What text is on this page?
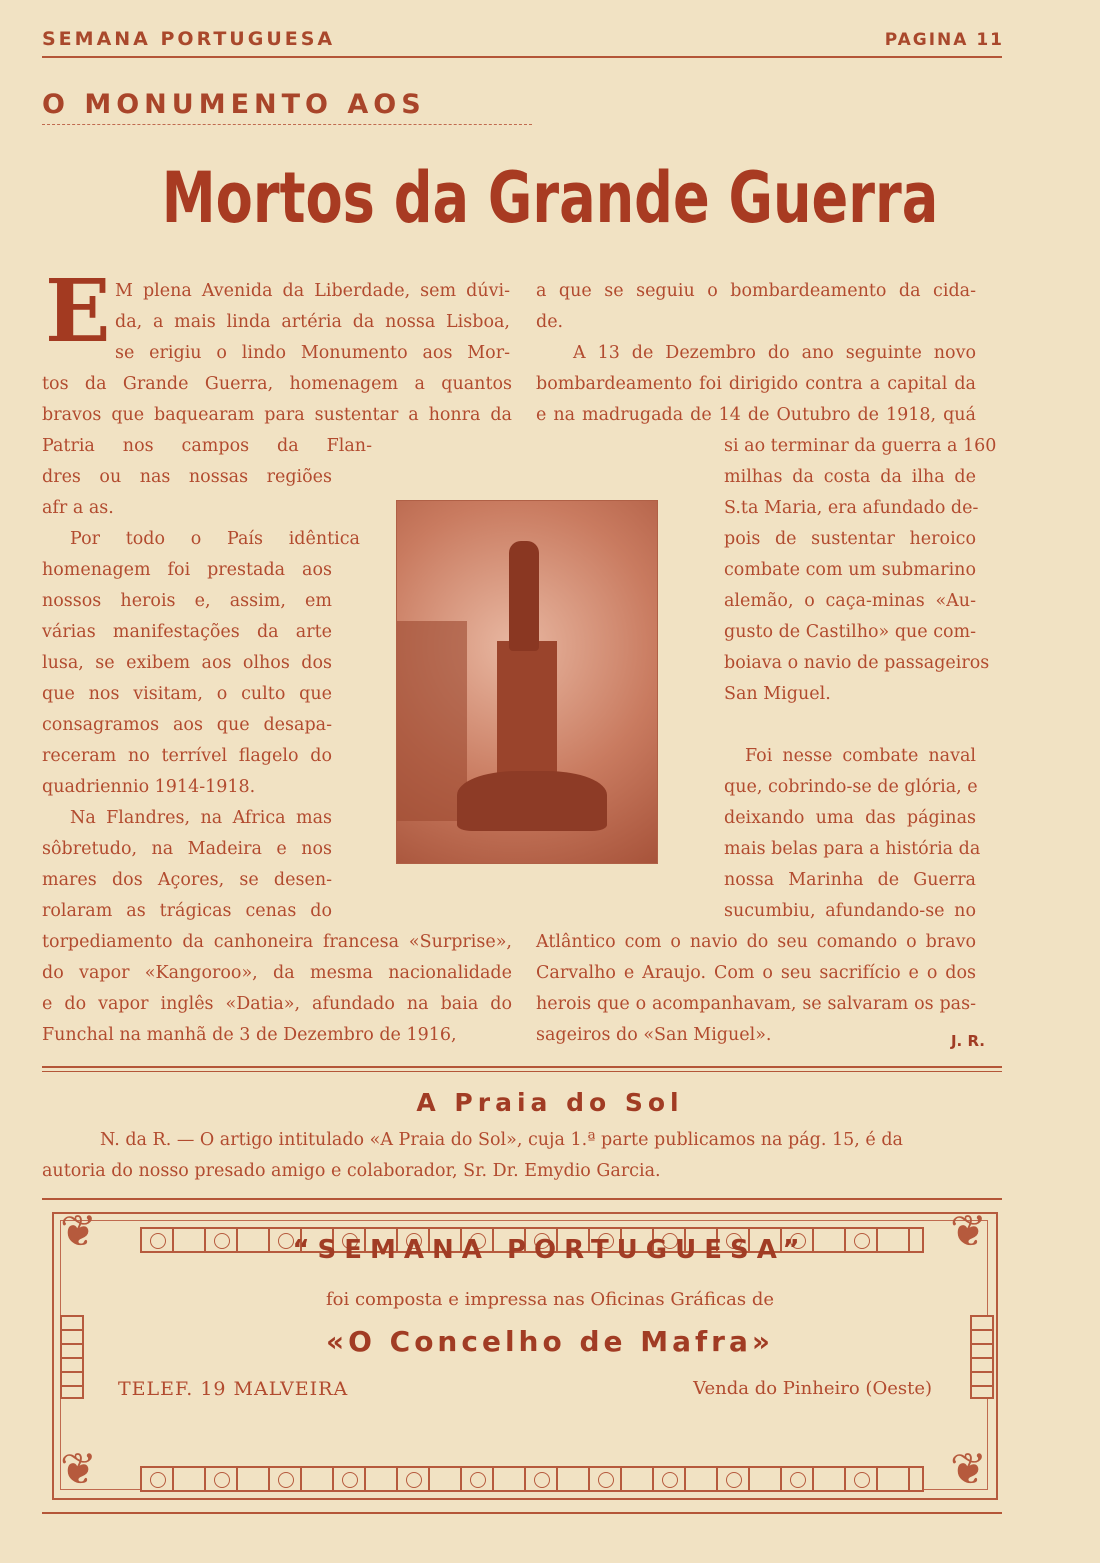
SEMANA PORTUGUESA	PAGINA 11
O MONUMENTO AOS
Mortos da Grande Guerra
E M plena Avenida da Liberdade, sem dúvi-
da, a mais linda artéria da nossa Lisboa,
se erigiu o lindo Monumento aos Mor-
tos da Grande Guerra, homenagem a quantos
bravos que baquearam para sustentar a honra da
Patria nos campos da Flan-
dres ou nas nossas regiões
afr a as.
Por todo o País idêntica
homenagem foi prestada aos
nossos herois e, assim, em
várias manifestações da arte
lusa, se exibem aos olhos dos
que nos visitam, o culto que
consagramos aos que desapa-
receram no terrível flagelo do
quadriennio 1914-1918.
Na Flandres, na Africa mas
sôbretudo, na Madeira e nos
mares dos Açores, se desen-
rolaram as trágicas cenas do
torpediamento da canhoneira francesa «Surprise»,
do vapor «Kangoroo», da mesma nacionalidade
e do vapor inglês «Datia», afundado na baia do
Funchal na manhã de 3 de Dezembro de 1916,
a que se seguiu o bombardeamento da cida-
de.
A 13 de Dezembro do ano seguinte novo
bombardeamento foi dirigido contra a capital da
e na madrugada de 14 de Outubro de 1918, quá
si ao terminar da guerra a 160
milhas da costa da ilha de
S.ta Maria, era afundado de-
pois de sustentar heroico
combate com um submarino
alemão, o caça-minas «Au-
gusto de Castilho» que com-
boiava o navio de passageiros
San Miguel.
Foi nesse combate naval
que, cobrindo-se de glória, e
deixando uma das páginas
mais belas para a história da
nossa Marinha de Guerra
sucumbiu, afundando-se no
Atlântico com o navio do seu comando o bravo
Carvalho e Araujo. Com o seu sacrifício e o dos
herois que o acompanhavam, se salvaram os pas-
sageiros do «San Miguel».	J. R.
A Praia do Sol
N. da R. — O artigo intitulado «A Praia do Sol», cuja 1.ª parte publicamos na pág. 15, é da
autoria do nosso presado amigo e colaborador, Sr. Dr. Emydio Garcia.
❦	❦
❦	❦
“SEMANA PORTUGUESA”
foi composta e impressa nas Oficinas Gráficas de
«O Concelho de Mafra»
TELEF. 19 MALVEIRA	Venda do Pinheiro (Oeste)
